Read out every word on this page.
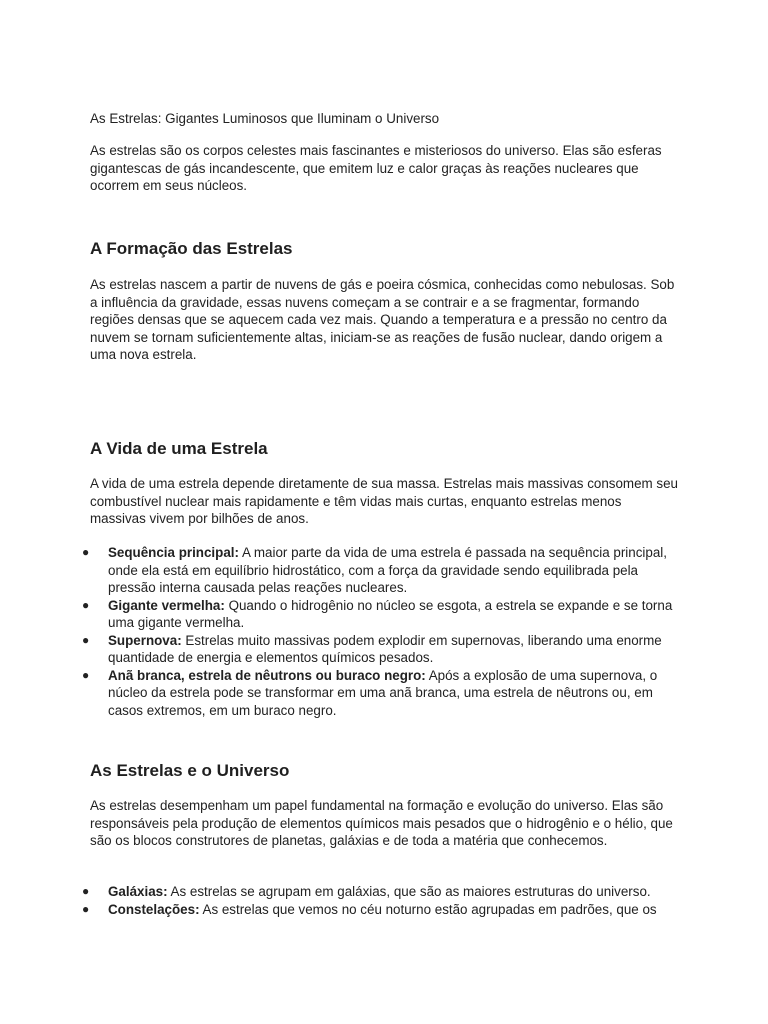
As Estrelas: Gigantes Luminosos que Iluminam o Universo

As estrelas são os corpos celestes mais fascinantes e misteriosos do universo. Elas são esferas gigantescas de gás incandescente, que emitem luz e calor graças às reações nucleares que ocorrem em seus núcleos.

A Formação das Estrelas

As estrelas nascem a partir de nuvens de gás e poeira cósmica, conhecidas como nebulosas. Sob a influência da gravidade, essas nuvens começam a se contrair e a se fragmentar, formando regiões densas que se aquecem cada vez mais. Quando a temperatura e a pressão no centro da nuvem se tornam suficientemente altas, iniciam-se as reações de fusão nuclear, dando origem a uma nova estrela.

A Vida de uma Estrela

A vida de uma estrela depende diretamente de sua massa. Estrelas mais massivas consomem seu combustível nuclear mais rapidamente e têm vidas mais curtas, enquanto estrelas menos massivas vivem por bilhões de anos.

● Sequência principal: A maior parte da vida de uma estrela é passada na sequência principal, onde ela está em equilíbrio hidrostático, com a força da gravidade sendo equilibrada pela pressão interna causada pelas reações nucleares.
● Gigante vermelha: Quando o hidrogênio no núcleo se esgota, a estrela se expande e se torna uma gigante vermelha.
● Supernova: Estrelas muito massivas podem explodir em supernovas, liberando uma enorme quantidade de energia e elementos químicos pesados.
● Anã branca, estrela de nêutrons ou buraco negro: Após a explosão de uma supernova, o núcleo da estrela pode se transformar em uma anã branca, uma estrela de nêutrons ou, em casos extremos, em um buraco negro.
As Estrelas e o Universo

As estrelas desempenham um papel fundamental na formação e evolução do universo. Elas são responsáveis pela produção de elementos químicos mais pesados que o hidrogênio e o hélio, que são os blocos construtores de planetas, galáxias e de toda a matéria que conhecemos.

● Galáxias: As estrelas se agrupam em galáxias, que são as maiores estruturas do universo.
● Constelações: As estrelas que vemos no céu noturno estão agrupadas em padrões, que os
